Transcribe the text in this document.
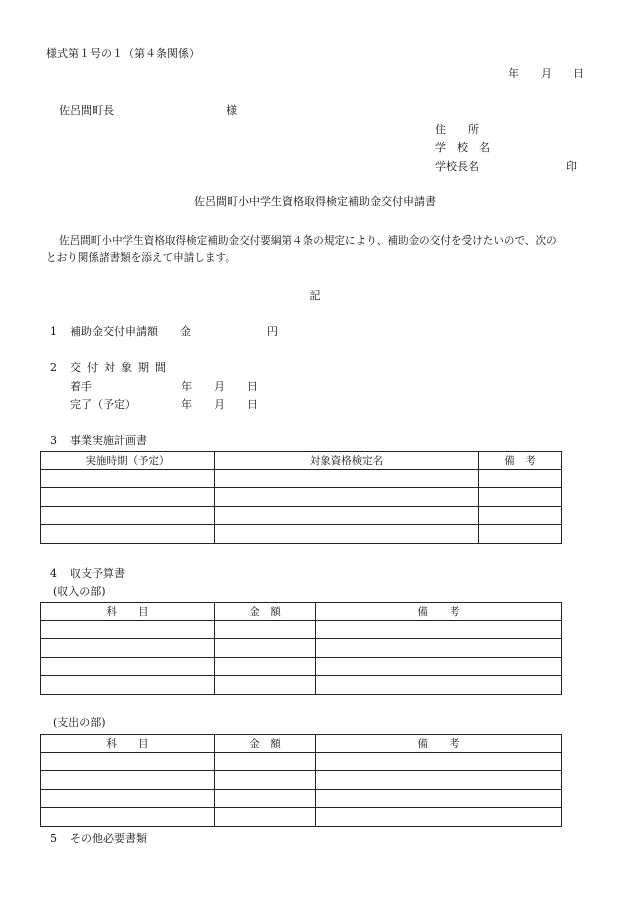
様式第１号の１（第４条関係）
年 月 日
佐呂間町長	様
住　　所
学　校　名
学校長名	印
佐呂間町小中学生資格取得検定補助金交付申請書
佐呂間町小中学生資格取得検定補助金交付要綱第４条の規定により、補助金の交付を受けたいので、次の
とおり関係諸書類を添えて申請します。
記
1 補助金交付申請額 金	円
2 交付対象期間
着手	年 月 日
完了（予定）	年 月 日
3 事業実施計画書
実施時期（予定）	対象資格検定名	備　考

4 収支予算書
(収入の部)
科　　目	金　額	備　　考

(支出の部)
科　　目	金　額	備　　考

5 その他必要書類
